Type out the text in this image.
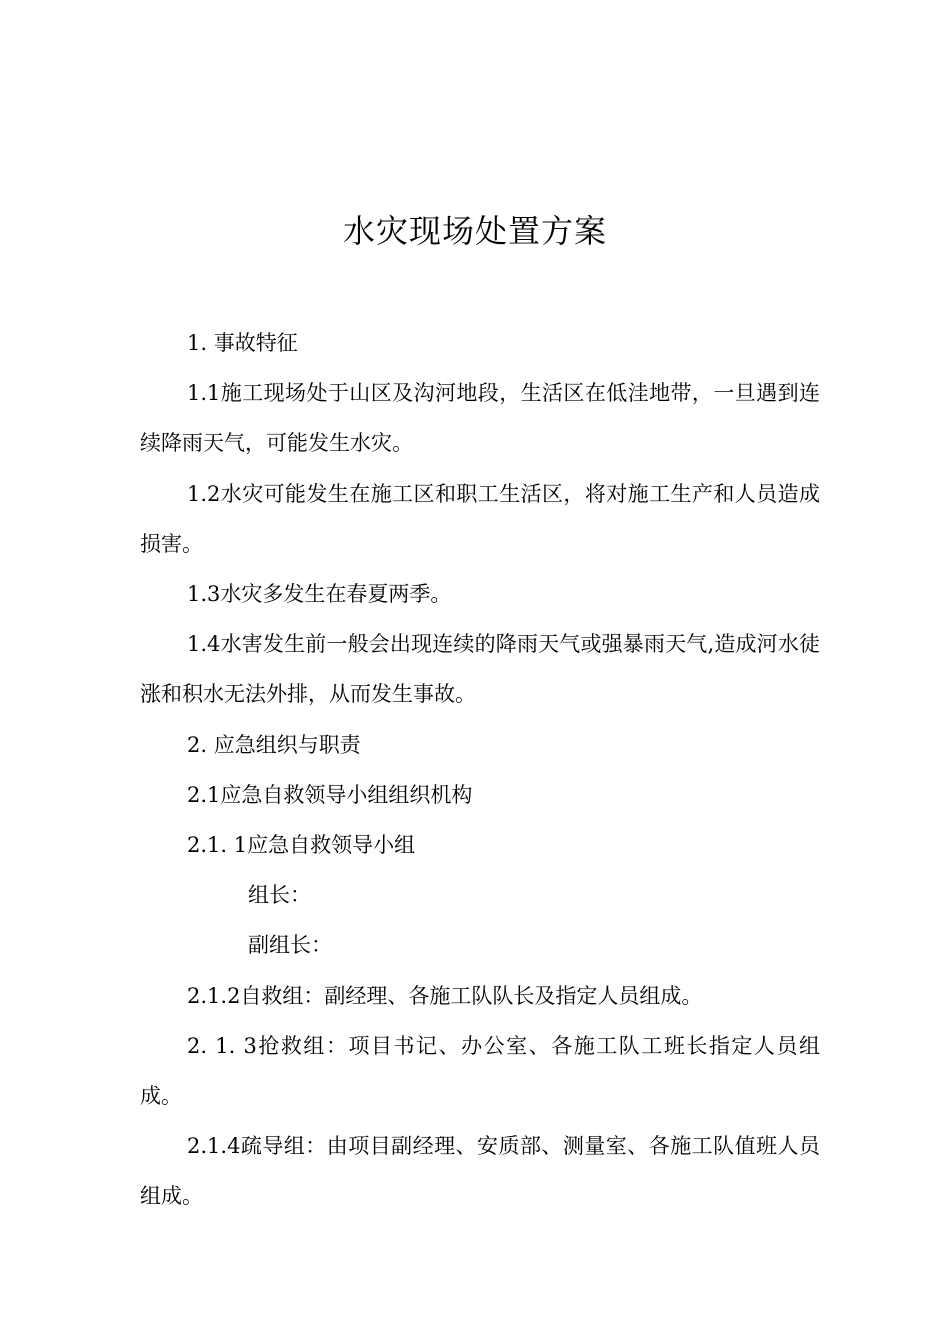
水灾现场处置方案

1. 事故特征

1.1施工现场处于山区及沟河地段，生活区在低洼地带，一旦遇到连续降雨天气，可能发生水灾。

1.2水灾可能发生在施工区和职工生活区，将对施工生产和人员造成损害。

1.3水灾多发生在春夏两季。

1.4水害发生前一般会出现连续的降雨天气或强暴雨天气,造成河水徒涨和积水无法外排，从而发生事故。

2. 应急组织与职责

2.1应急自救领导小组组织机构

2.1. 1应急自救领导小组

组长：

副组长：

2.1.2自救组：副经理、各施工队队长及指定人员组成。

2. 1. 3抢救组：项目书记、办公室、各施工队工班长指定人员组成。

2.1.4疏导组：由项目副经理、安质部、测量室、各施工队值班人员组成。
